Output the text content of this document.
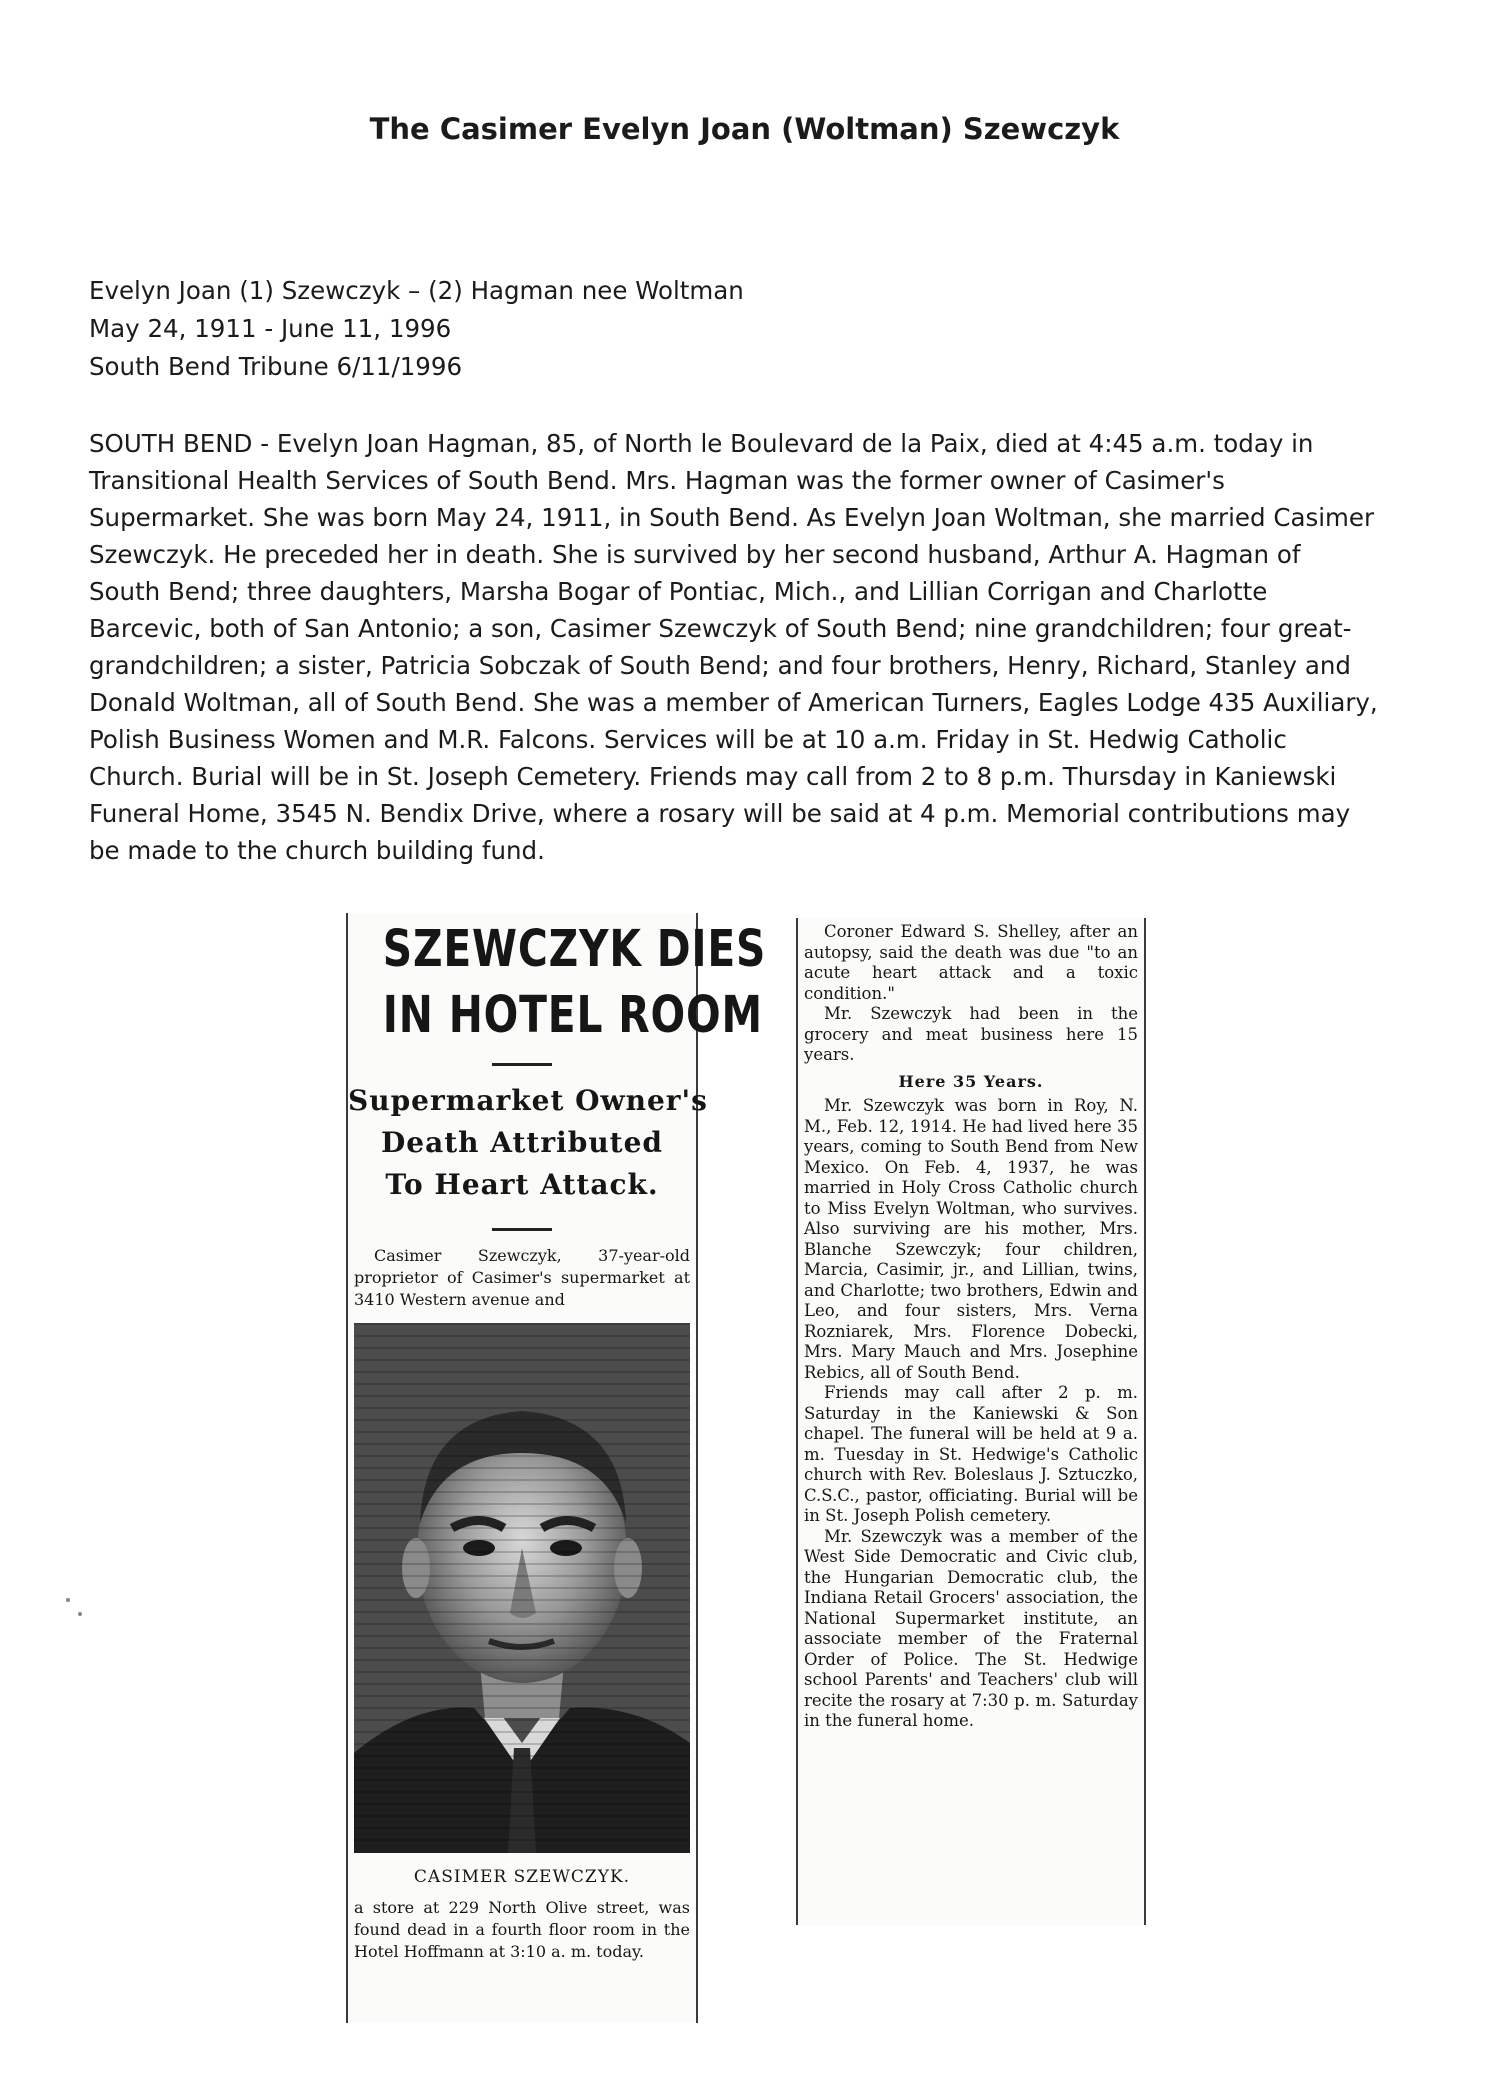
The Casimer Evelyn Joan (Woltman) Szewczyk
Evelyn Joan (1) Szewczyk – (2) Hagman nee Woltman
May 24, 1911 - June 11, 1996
South Bend Tribune 6/11/1996
SOUTH BEND - Evelyn Joan Hagman, 85, of North le Boulevard de la Paix, died at 4:45 a.m. today in Transitional Health Services of South Bend. Mrs. Hagman was the former owner of Casimer's Supermarket. She was born May 24, 1911, in South Bend. As Evelyn Joan Woltman, she married Casimer Szewczyk. He preceded her in death. She is survived by her second husband, Arthur A. Hagman of South Bend; three daughters, Marsha Bogar of Pontiac, Mich., and Lillian Corrigan and Charlotte Barcevic, both of San Antonio; a son, Casimer Szewczyk of South Bend; nine grandchildren; four great-grandchildren; a sister, Patricia Sobczak of South Bend; and four brothers, Henry, Richard, Stanley and Donald Woltman, all of South Bend. She was a member of American Turners, Eagles Lodge 435 Auxiliary, Polish Business Women and M.R. Falcons. Services will be at 10 a.m. Friday in St. Hedwig Catholic Church. Burial will be in St. Joseph Cemetery. Friends may call from 2 to 8 p.m. Thursday in Kaniewski Funeral Home, 3545 N. Bendix Drive, where a rosary will be said at 4 p.m. Memorial contributions may be made to the church building fund.
SZEWCZYK DIES
IN HOTEL ROOM
Supermarket Owner's
Death Attributed
To Heart Attack.

Casimer Szewczyk, 37-year-old proprietor of Casimer's supermarket at 3410 Western avenue and

CASIMER SZEWCZYK.

a store at 229 North Olive street, was found dead in a fourth floor room in the Hotel Hoffmann at 3:10 a. m. today.

Coroner Edward S. Shelley, after an autopsy, said the death was due "to an acute heart attack and a toxic condition."

Mr. Szewczyk had been in the grocery and meat business here 15 years.

Here 35 Years.

Mr. Szewczyk was born in Roy, N. M., Feb. 12, 1914. He had lived here 35 years, coming to South Bend from New Mexico. On Feb. 4, 1937, he was married in Holy Cross Catholic church to Miss Evelyn Woltman, who survives. Also surviving are his mother, Mrs. Blanche Szewczyk; four children, Marcia, Casimir, jr., and Lillian, twins, and Charlotte; two brothers, Edwin and Leo, and four sisters, Mrs. Verna Rozniarek, Mrs. Florence Dobecki, Mrs. Mary Mauch and Mrs. Josephine Rebics, all of South Bend.

Friends may call after 2 p. m. Saturday in the Kaniewski & Son chapel. The funeral will be held at 9 a. m. Tuesday in St. Hedwige's Catholic church with Rev. Boleslaus J. Sztuczko, C.S.C., pastor, officiating. Burial will be in St. Joseph Polish cemetery.

Mr. Szewczyk was a member of the West Side Democratic and Civic club, the Hungarian Democratic club, the Indiana Retail Grocers' association, the National Supermarket institute, an associate member of the Fraternal Order of Police. The St. Hedwige school Parents' and Teachers' club will recite the rosary at 7:30 p. m. Saturday in the funeral home.
